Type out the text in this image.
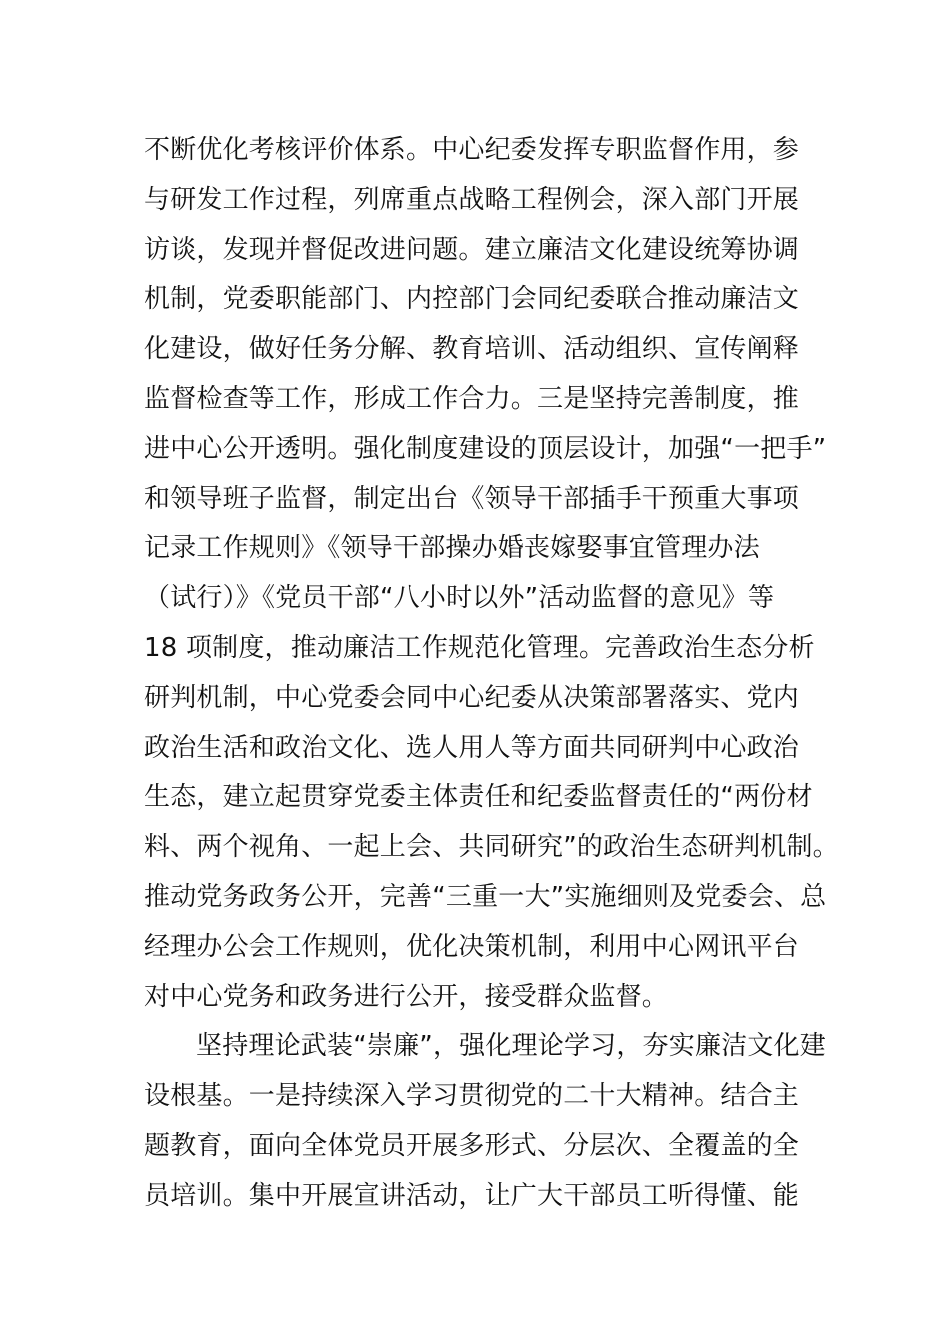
不断优化考核评价体系。中心纪委发挥专职监督作用，参
与研发工作过程，列席重点战略工程例会，深入部门开展
访谈，发现并督促改进问题。建立廉洁文化建设统筹协调
机制，党委职能部门、内控部门会同纪委联合推动廉洁文
化建设，做好任务分解、教育培训、活动组织、宣传阐释
监督检查等工作，形成工作合力。三是坚持完善制度，推
进中心公开透明。强化制度建设的顶层设计，加强“一把手”
和领导班子监督，制定出台《领导干部插手干预重大事项
记录工作规则》《领导干部操办婚丧嫁娶事宜管理办法
（试行）》《党员干部“八小时以外”活动监督的意见》等
18 项制度，推动廉洁工作规范化管理。完善政治生态分析
研判机制，中心党委会同中心纪委从决策部署落实、党内
政治生活和政治文化、选人用人等方面共同研判中心政治
生态，建立起贯穿党委主体责任和纪委监督责任的“两份材
料、两个视角、一起上会、共同研究”的政治生态研判机制。
推动党务政务公开，完善“三重一大”实施细则及党委会、总
经理办公会工作规则，优化决策机制，利用中心网讯平台
对中心党务和政务进行公开，接受群众监督。
坚持理论武装“崇廉”，强化理论学习，夯实廉洁文化建
设根基。一是持续深入学习贯彻党的二十大精神。结合主
题教育，面向全体党员开展多形式、分层次、全覆盖的全
员培训。集中开展宣讲活动，让广大干部员工听得懂、能
